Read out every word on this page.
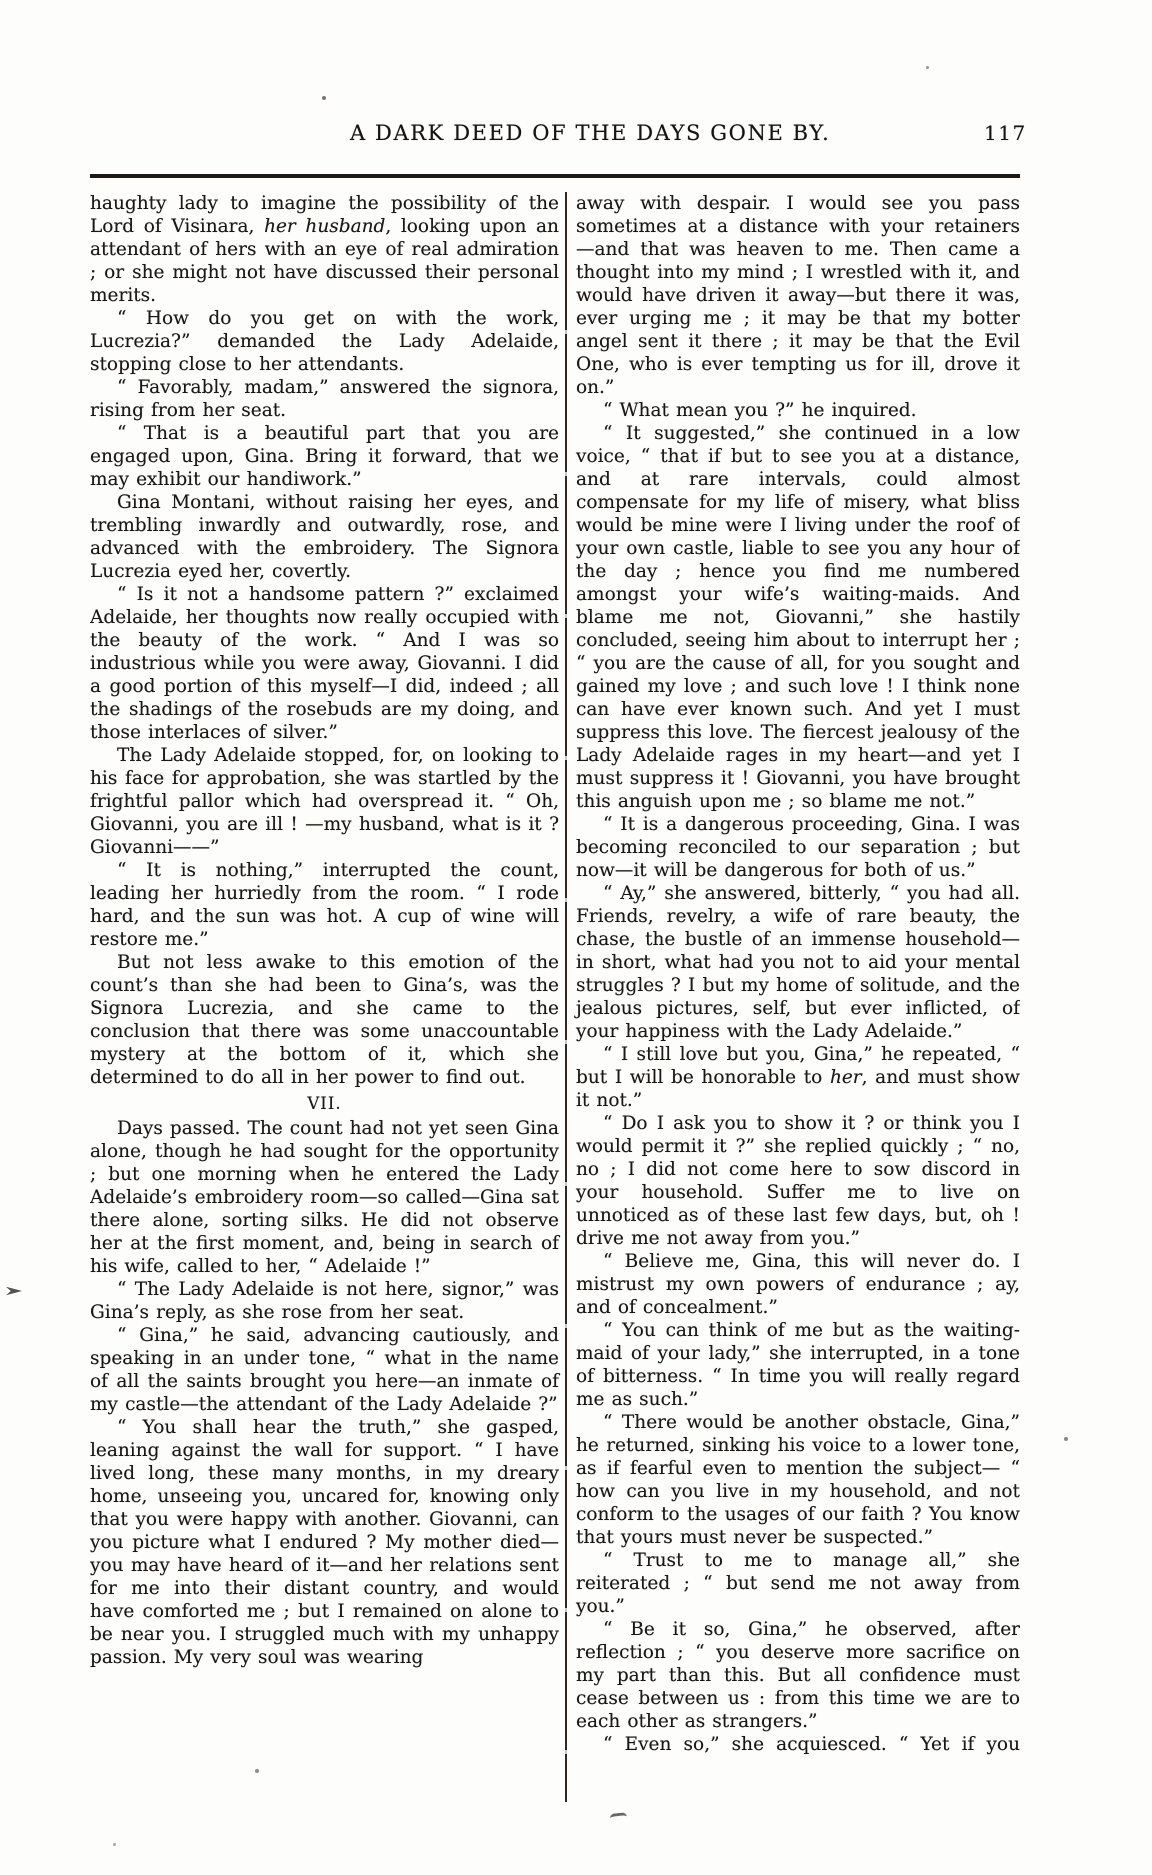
A DARK DEED OF THE DAYS GONE BY.	117

haughty lady to imagine the possibility of the Lord of Visinara, her husband, looking upon an attendant of hers with an eye of real admiration ; or she might not have discussed their personal merits.

“ How do you get on with the work, Lucrezia?” demanded the Lady Adelaide, stopping close to her attendants.

“ Favorably, madam,” answered the signora, rising from her seat.

“ That is a beautiful part that you are engaged upon, Gina. Bring it forward, that we may exhibit our handiwork.”

Gina Montani, without raising her eyes, and trembling inwardly and outwardly, rose, and advanced with the embroidery. The Signora Lucrezia eyed her, covertly.

“ Is it not a handsome pattern ?” exclaimed Adelaide, her thoughts now really occupied with the beauty of the work. “ And I was so industrious while you were away, Giovanni. I did a good portion of this myself—I did, indeed ; all the shadings of the rosebuds are my doing, and those interlaces of silver.”

The Lady Adelaide stopped, for, on looking to his face for approbation, she was startled by the frightful pallor which had overspread it. “ Oh, Giovanni, you are ill ! —my husband, what is it ? Giovanni——”

“ It is nothing,” interrupted the count, leading her hurriedly from the room. “ I rode hard, and the sun was hot. A cup of wine will restore me.”

But not less awake to this emotion of the count’s than she had been to Gina’s, was the Signora Lucrezia, and she came to the conclusion that there was some unaccountable mystery at the bottom of it, which she determined to do all in her power to find out.

VII.

Days passed. The count had not yet seen Gina alone, though he had sought for the opportunity ; but one morning when he entered the Lady Adelaide’s embroidery room—so called—Gina sat there alone, sorting silks. He did not observe her at the first moment, and, being in search of his wife, called to her, “ Adelaide !”

“ The Lady Adelaide is not here, signor,” was Gina’s reply, as she rose from her seat.

“ Gina,” he said, advancing cautiously, and speaking in an under tone, “ what in the name of all the saints brought you here—an inmate of my castle—the attendant of the Lady Adelaide ?”

“ You shall hear the truth,” she gasped, leaning against the wall for support. “ I have lived long, these many months, in my dreary home, unseeing you, uncared for, knowing only that you were happy with another. Giovanni, can you picture what I endured ? My mother died—you may have heard of it—and her relations sent for me into their distant country, and would have comforted me ; but I remained on alone to be near you. I struggled much with my unhappy passion. My very soul was wearing

away with despair. I would see you pass sometimes at a distance with your retainers —and that was heaven to me. Then came a thought into my mind ; I wrestled with it, and would have driven it away—but there it was, ever urging me ; it may be that my botter angel sent it there ; it may be that the Evil One, who is ever tempting us for ill, drove it on.”

“ What mean you ?” he inquired.

“ It suggested,” she continued in a low voice, “ that if but to see you at a distance, and at rare intervals, could almost compensate for my life of misery, what bliss would be mine were I living under the roof of your own castle, liable to see you any hour of the day ; hence you find me numbered amongst your wife’s waiting-maids. And blame me not, Giovanni,” she hastily concluded, seeing him about to interrupt her ; “ you are the cause of all, for you sought and gained my love ; and such love ! I think none can have ever known such. And yet I must suppress this love. The fiercest jealousy of the Lady Adelaide rages in my heart—and yet I must suppress it ! Giovanni, you have brought this anguish upon me ; so blame me not.”

“ It is a dangerous proceeding, Gina. I was becoming reconciled to our separation ; but now—it will be dangerous for both of us.”

“ Ay,” she answered, bitterly, “ you had all. Friends, revelry, a wife of rare beauty, the chase, the bustle of an immense household— in short, what had you not to aid your mental struggles ? I but my home of solitude, and the jealous pictures, self, but ever inflicted, of your happiness with the Lady Adelaide.”

“ I still love but you, Gina,” he repeated, “ but I will be honorable to her, and must show it not.”

“ Do I ask you to show it ? or think you I would permit it ?” she replied quickly ; “ no, no ; I did not come here to sow discord in your household. Suffer me to live on unnoticed as of these last few days, but, oh ! drive me not away from you.”

“ Believe me, Gina, this will never do. I mistrust my own powers of endurance ; ay, and of concealment.”

“ You can think of me but as the waiting-maid of your lady,” she interrupted, in a tone of bitterness. “ In time you will really regard me as such.”

“ There would be another obstacle, Gina,” he returned, sinking his voice to a lower tone, as if fearful even to mention the subject— “ how can you live in my household, and not conform to the usages of our faith ? You know that yours must never be suspected.”

“ Trust to me to manage all,” she reiterated ; “ but send me not away from you.”

“ Be it so, Gina,” he observed, after reflection ; “ you deserve more sacrifice on my part than this. But all confidence must cease between us : from this time we are to each other as strangers.”

“ Even so,” she acquiesced. “ Yet if you
